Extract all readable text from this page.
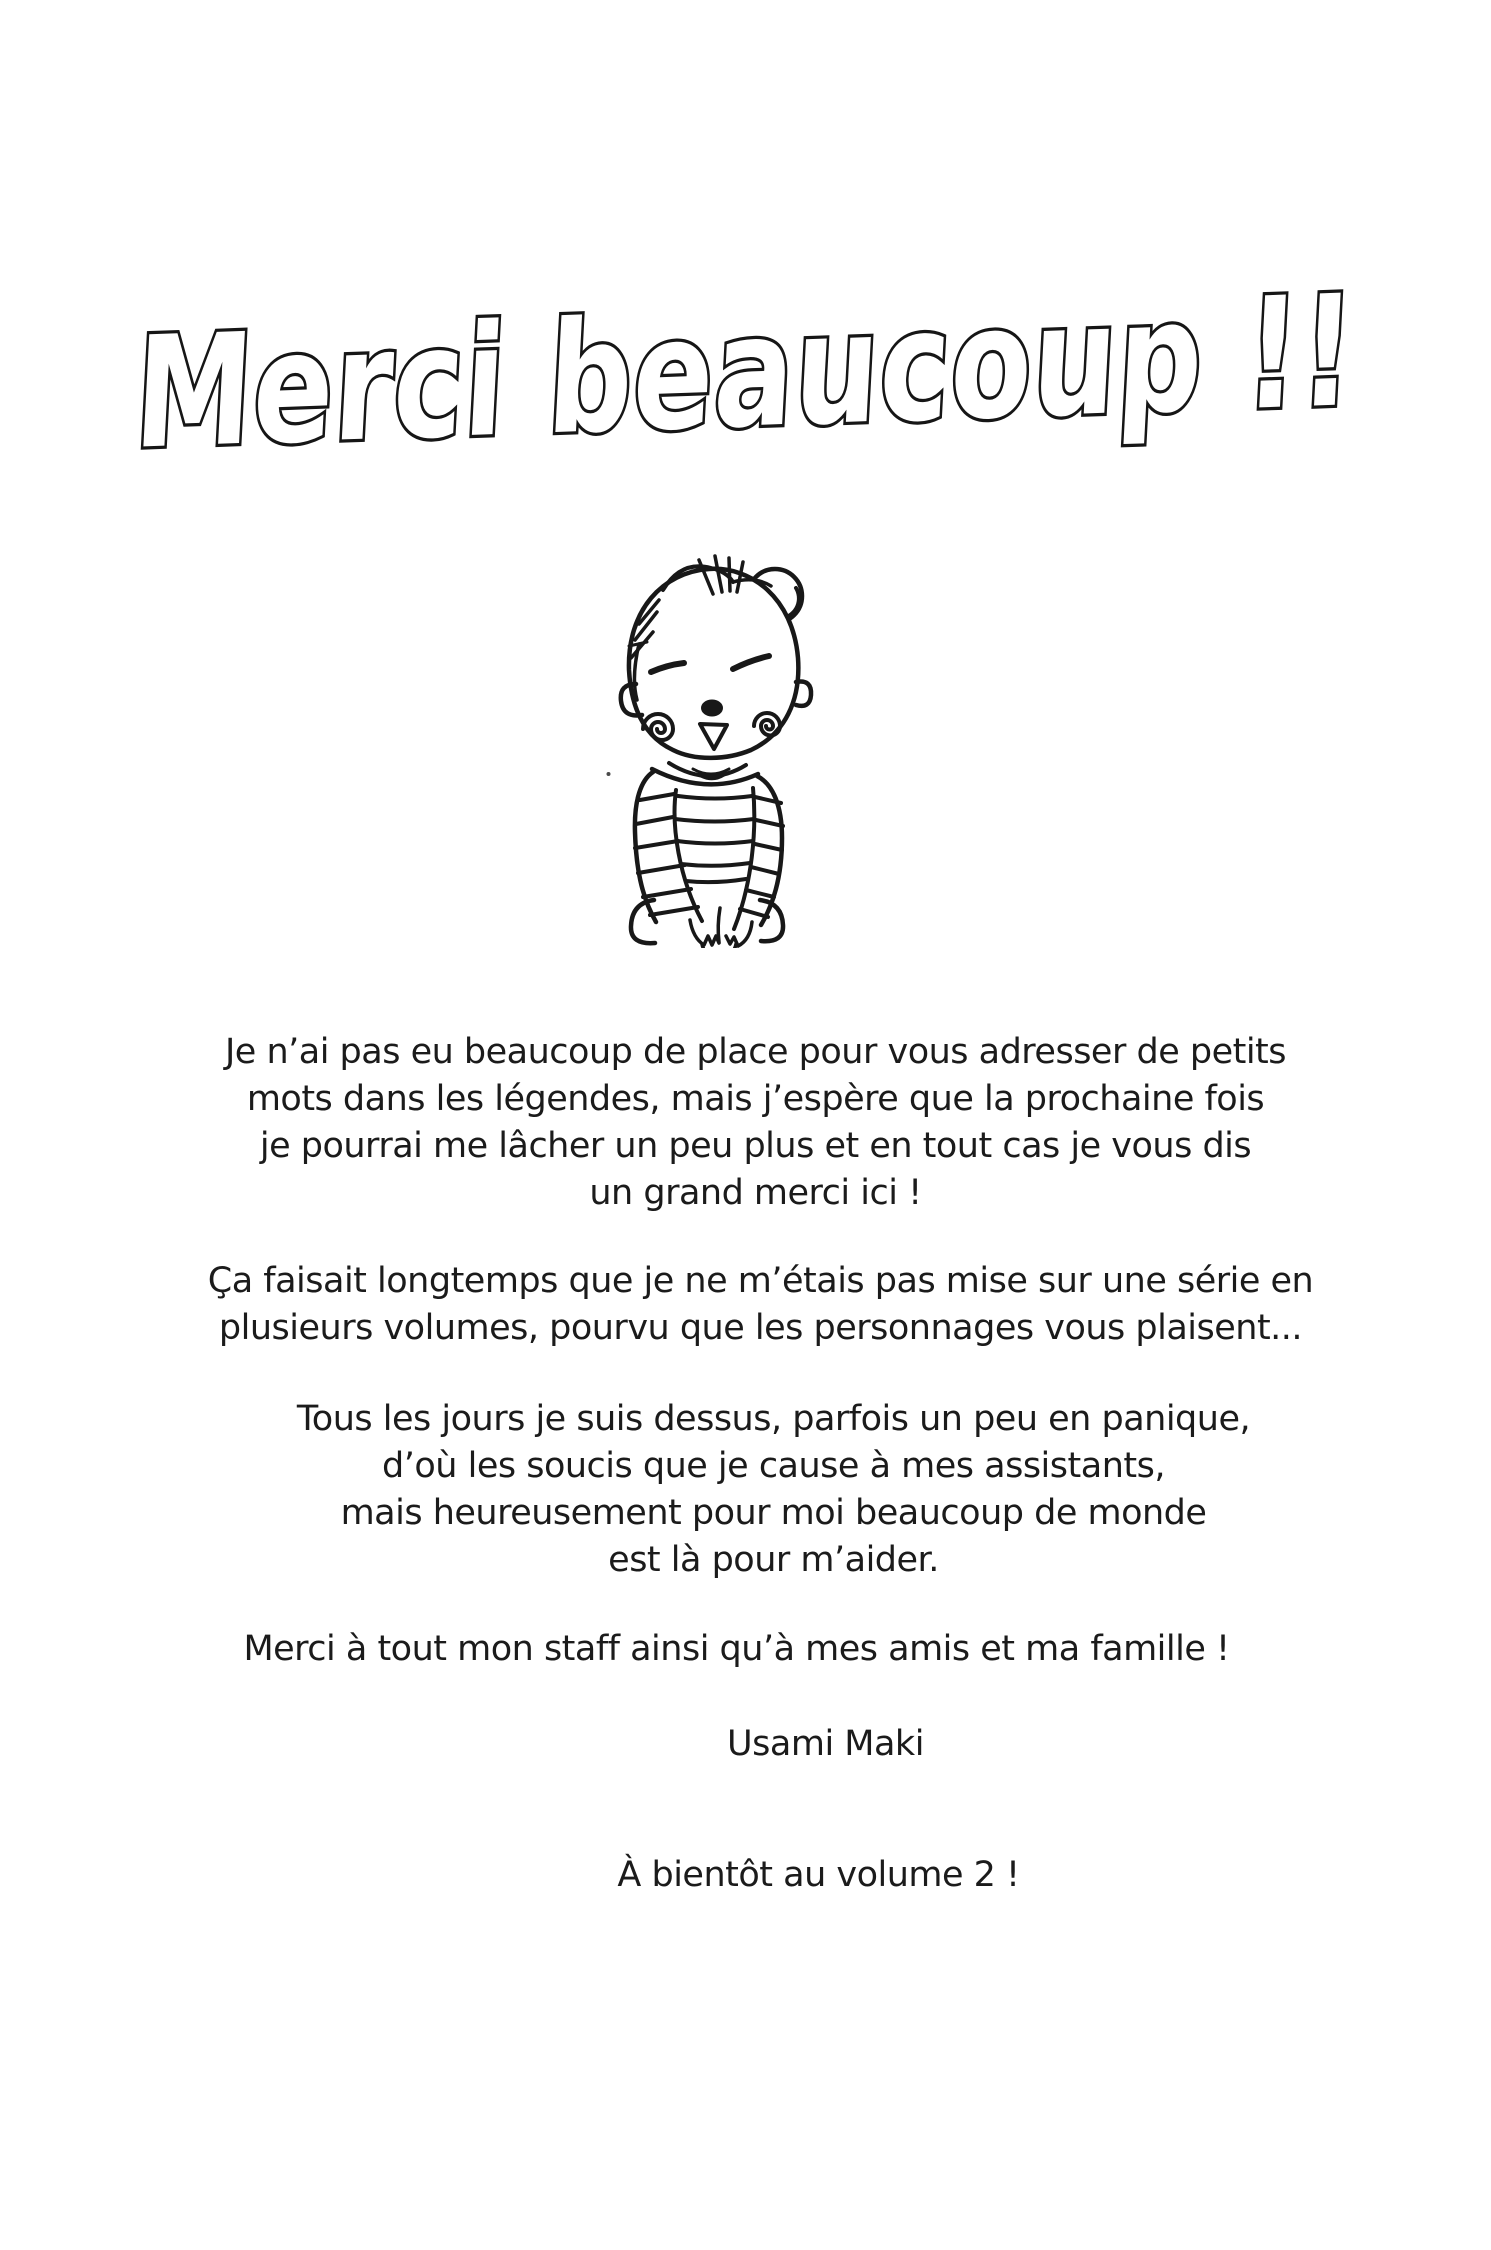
Merci beaucoup !!
Je n’ai pas eu beaucoup de place pour vous adresser de petits
mots dans les légendes, mais j’espère que la prochaine fois
je pourrai me lâcher un peu plus et en tout cas je vous dis
un grand merci ici !
Ça faisait longtemps que je ne m’étais pas mise sur une série en
plusieurs volumes, pourvu que les personnages vous plaisent...
Tous les jours je suis dessus, parfois un peu en panique,
d’où les soucis que je cause à mes assistants,
mais heureusement pour moi beaucoup de monde
est là pour m’aider.
Merci à tout mon staff ainsi qu’à mes amis et ma famille !
Usami Maki
À bientôt au volume 2 !
